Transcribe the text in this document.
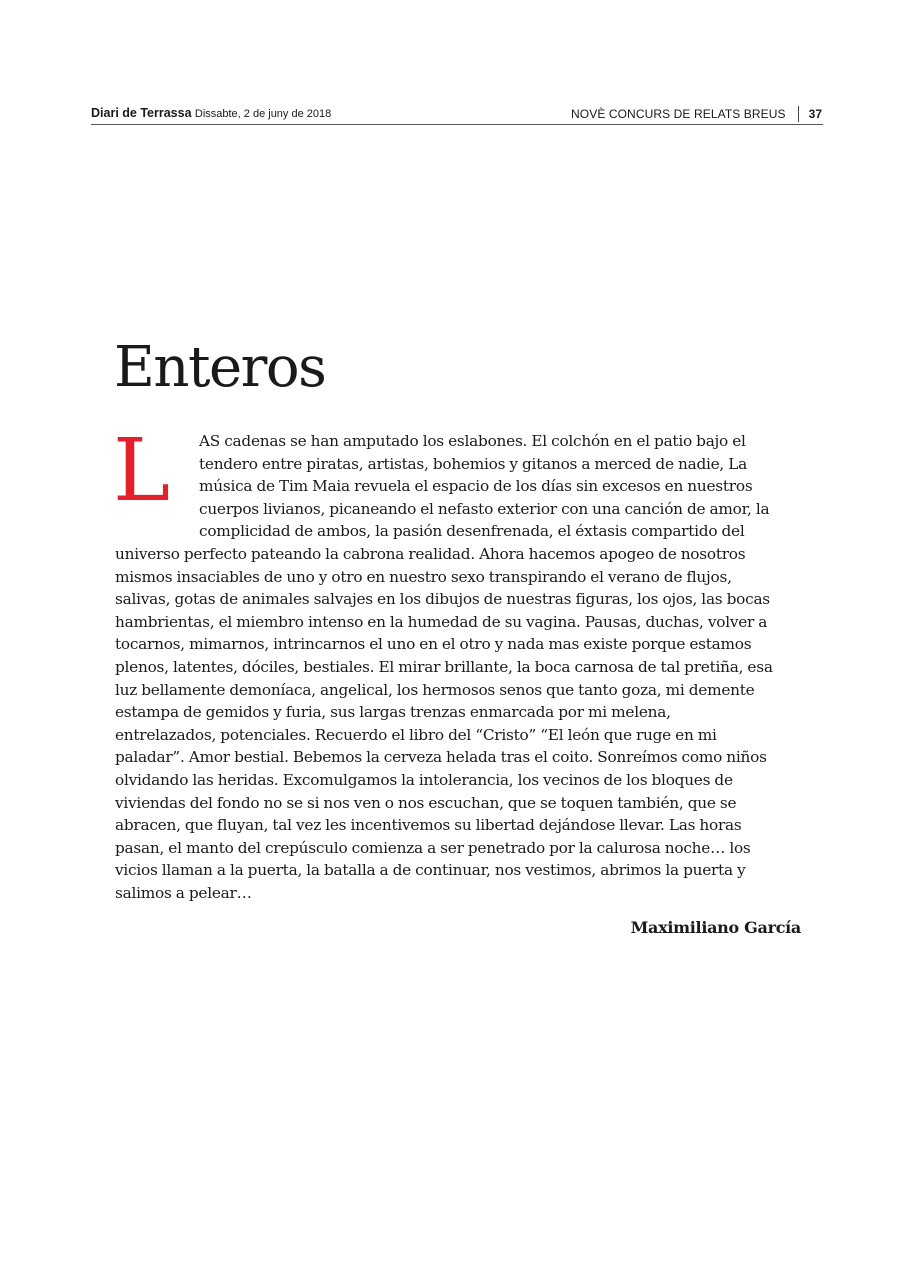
Diari de Terrassa Dissabte, 2 de juny de 2018	NOVÈ CONCURS DE RELATS BREUS 37
Enteros
L	AS cadenas se han amputado los eslabones. El colchón en el patio bajo el
tendero entre piratas, artistas, bohemios y gitanos a merced de nadie, La
música de Tim Maia revuela el espacio de los días sin excesos en nuestros
cuerpos livianos, picaneando el nefasto exterior con una canción de amor, la
complicidad de ambos, la pasión desenfrenada, el éxtasis compartido del
universo perfecto pateando la cabrona realidad. Ahora hacemos apogeo de nosotros
mismos insaciables de uno y otro en nuestro sexo transpirando el verano de flujos,
salivas, gotas de animales salvajes en los dibujos de nuestras figuras, los ojos, las bocas
hambrientas, el miembro intenso en la humedad de su vagina. Pausas, duchas, volver a
tocarnos, mimarnos, intrincarnos el uno en el otro y nada mas existe porque estamos
plenos, latentes, dóciles, bestiales. El mirar brillante, la boca carnosa de tal pretiña, esa
luz bellamente demoníaca, angelical, los hermosos senos que tanto goza, mi demente
estampa de gemidos y furia, sus largas trenzas enmarcada por mi melena,
entrelazados, potenciales. Recuerdo el libro del “Cristo” “El león que ruge en mi
paladar”. Amor bestial. Bebemos la cerveza helada tras el coito. Sonreímos como niños
olvidando las heridas. Excomulgamos la intolerancia, los vecinos de los bloques de
viviendas del fondo no se si nos ven o nos escuchan, que se toquen también, que se
abracen, que fluyan, tal vez les incentivemos su libertad dejándose llevar. Las horas
pasan, el manto del crepúsculo comienza a ser penetrado por la calurosa noche… los
vicios llaman a la puerta, la batalla a de continuar, nos vestimos, abrimos la puerta y
salimos a pelear…
Maximiliano García
